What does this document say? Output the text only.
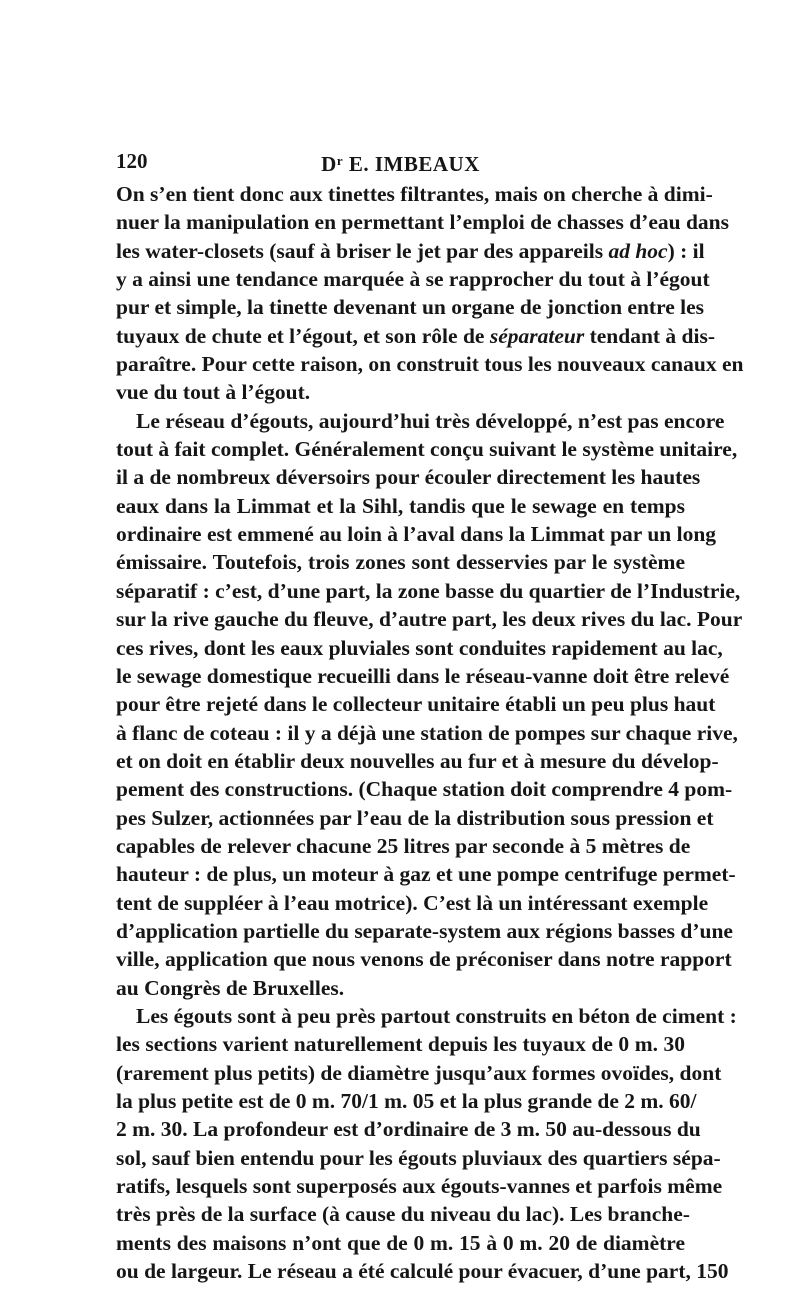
120	$D^r$ E. IMBEAUX
On s’en tient donc aux tinettes filtrantes, mais on cherche à dimi-
nuer la manipulation en permettant l’emploi de chasses d’eau dans
les water-closets (sauf à briser le jet par des appareils ad hoc) : il
y a ainsi une tendance marquée à se rapprocher du tout à l’égout
pur et simple, la tinette devenant un organe de jonction entre les
tuyaux de chute et l’égout, et son rôle de séparateur tendant à dis-
paraître. Pour cette raison, on construit tous les nouveaux canaux en
vue du tout à l’égout.
Le réseau d’égouts, aujourd’hui très développé, n’est pas encore
tout à fait complet. Généralement conçu suivant le système unitaire,
il a de nombreux déversoirs pour écouler directement les hautes
eaux dans la Limmat et la Sihl, tandis que le sewage en temps
ordinaire est emmené au loin à l’aval dans la Limmat par un long
émissaire. Toutefois, trois zones sont desservies par le système
séparatif : c’est, d’une part, la zone basse du quartier de l’Industrie,
sur la rive gauche du fleuve, d’autre part, les deux rives du lac. Pour
ces rives, dont les eaux pluviales sont conduites rapidement au lac,
le sewage domestique recueilli dans le réseau-vanne doit être relevé
pour être rejeté dans le collecteur unitaire établi un peu plus haut
à flanc de coteau : il y a déjà une station de pompes sur chaque rive,
et on doit en établir deux nouvelles au fur et à mesure du dévelop-
pement des constructions. (Chaque station doit comprendre 4 pom-
pes Sulzer, actionnées par l’eau de la distribution sous pression et
capables de relever chacune 25 litres par seconde à 5 mètres de
hauteur : de plus, un moteur à gaz et une pompe centrifuge permet-
tent de suppléer à l’eau motrice). C’est là un intéressant exemple
d’application partielle du separate-system aux régions basses d’une
ville, application que nous venons de préconiser dans notre rapport
au Congrès de Bruxelles.
Les égouts sont à peu près partout construits en béton de ciment :
les sections varient naturellement depuis les tuyaux de 0 m. 30
(rarement plus petits) de diamètre jusqu’aux formes ovoïdes, dont
la plus petite est de 0 m. 70/1 m. 05 et la plus grande de 2 m. 60/
2 m. 30. La profondeur est d’ordinaire de 3 m. 50 au-dessous du
sol, sauf bien entendu pour les égouts pluviaux des quartiers sépa-
ratifs, lesquels sont superposés aux égouts-vannes et parfois même
très près de la surface (à cause du niveau du lac). Les branche-
ments des maisons n’ont que de 0 m. 15 à 0 m. 20 de diamètre
ou de largeur. Le réseau a été calculé pour évacuer, d’une part, 150
